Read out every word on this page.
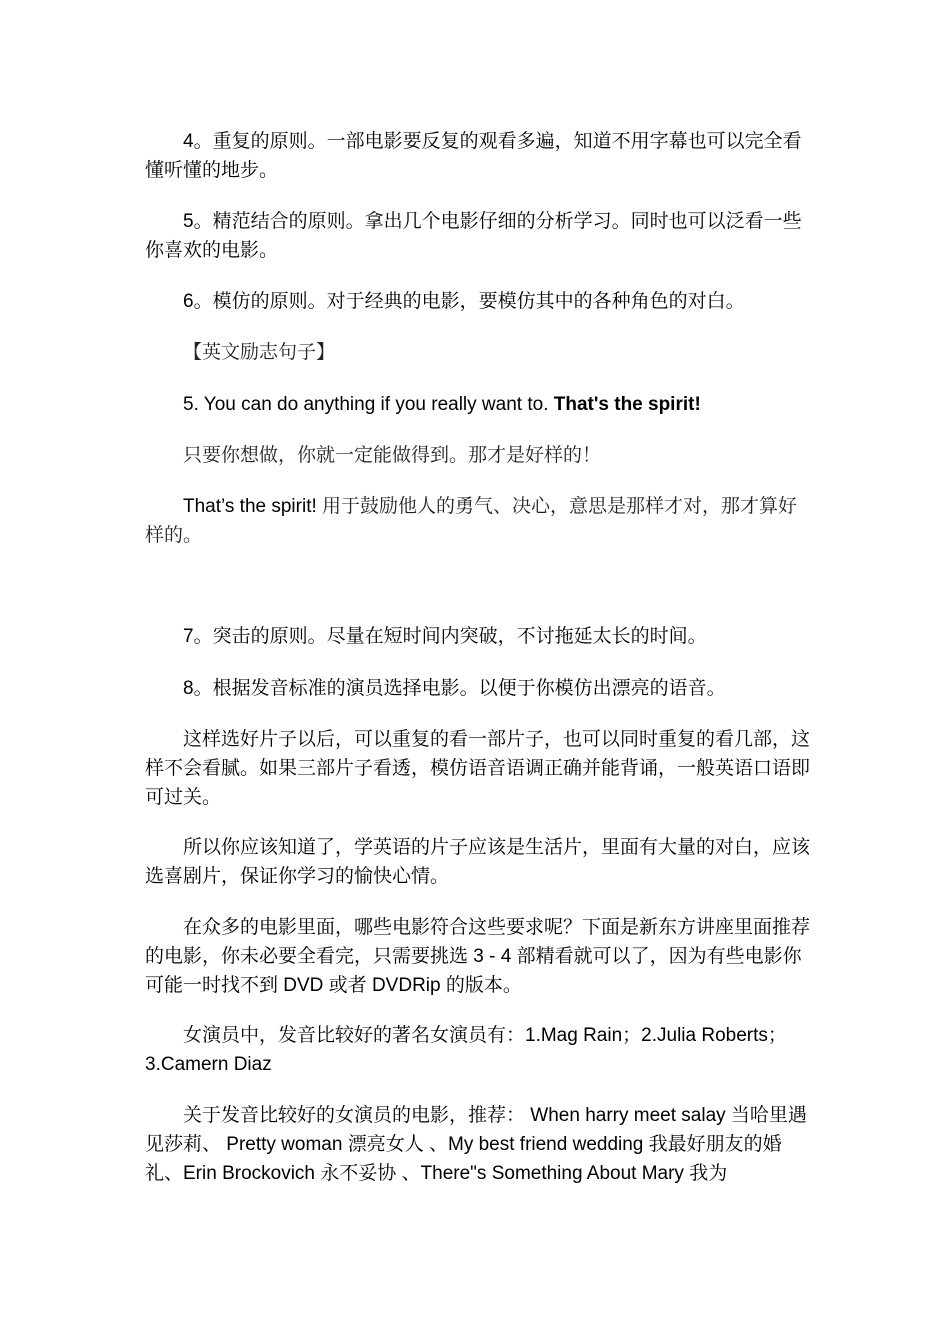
4。重复的原则。一部电影要反复的观看多遍，知道不用字幕也可以完全看懂听懂的地步。

5。精范结合的原则。拿出几个电影仔细的分析学习。同时也可以泛看一些你喜欢的电影。

6。模仿的原则。对于经典的电影，要模仿其中的各种角色的对白。

【英文励志句子】

5. You can do anything if you really want to. That's the spirit!

只要你想做，你就一定能做得到。那才是好样的！

That’s the spirit! 用于鼓励他人的勇气、决心，意思是那样才对，那才算好样的。

7。突击的原则。尽量在短时间内突破，不讨拖延太长的时间。

8。根据发音标准的演员选择电影。以便于你模仿出漂亮的语音。

这样选好片子以后，可以重复的看一部片子，也可以同时重复的看几部，这样不会看腻。如果三部片子看透，模仿语音语调正确并能背诵，一般英语口语即可过关。

所以你应该知道了，学英语的片子应该是生活片，里面有大量的对白，应该选喜剧片，保证你学习的愉快心情。

在众多的电影里面，哪些电影符合这些要求呢？下面是新东方讲座里面推荐的电影，你未必要全看完，只需要挑选 3 - 4 部精看就可以了，因为有些电影你可能一时找不到 DVD 或者 DVDRip 的版本。

女演员中，发音比较好的著名女演员有：1.Mag Rain；2.Julia Roberts；3.Camern Diaz

关于发音比较好的女演员的电影，推荐： When harry meet salay 当哈里遇见莎莉、 Pretty woman 漂亮女人 、My best friend wedding 我最好朋友的婚礼、Erin Brockovich 永不妥协 、There"s Something About Mary 我为
